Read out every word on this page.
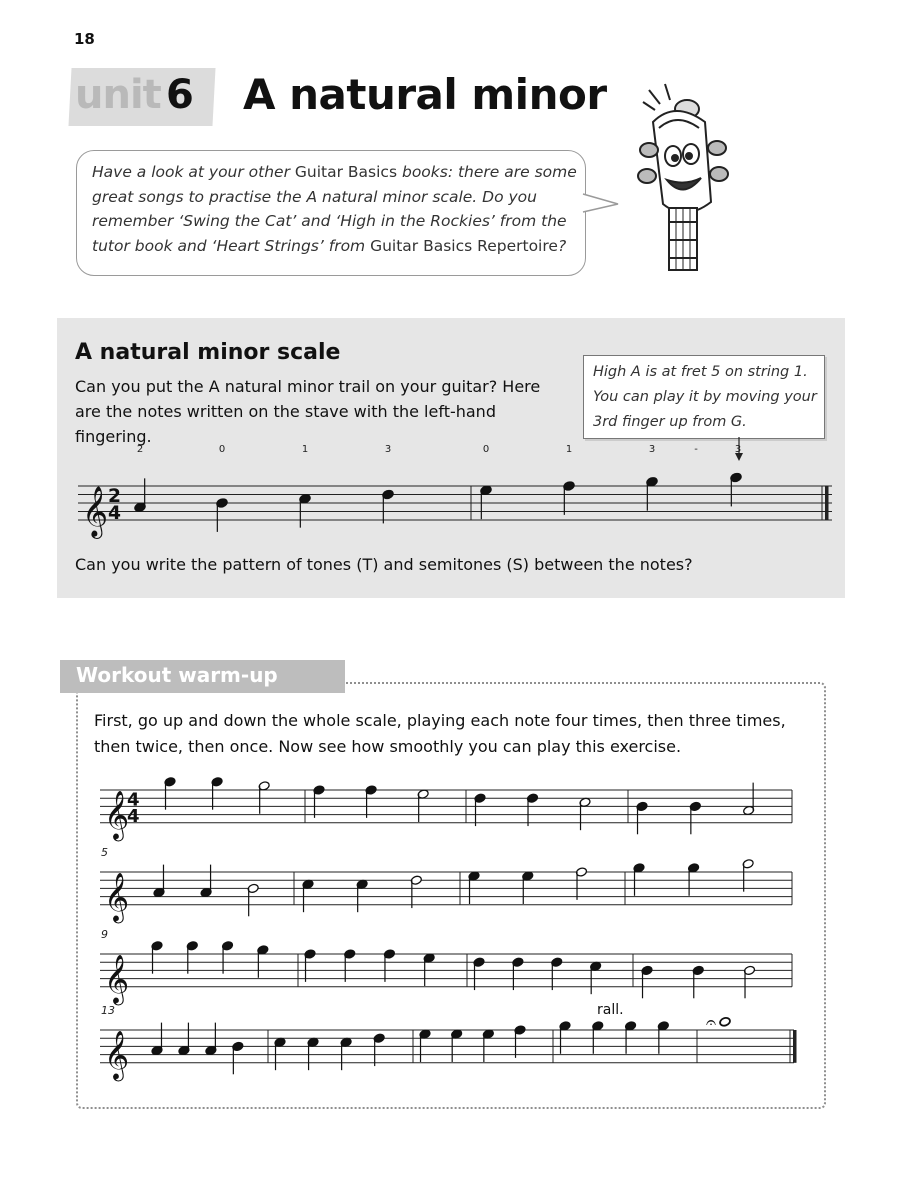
18
unit 6 A natural minor
Have a look at your other Guitar Basics books: there are some great songs to practise the A natural minor scale. Do you remember ‘Swing the Cat’ and ‘High in the Rockies’ from the tutor book and ‘Heart Strings’ from Guitar Basics Repertoire?
A natural minor scale
Can you put the A natural minor trail on your guitar? Here are the notes written on the stave with the left-hand fingering.
High A is at fret 5 on string 1. You can play it by moving your 3rd finger up from G.
𝄞 2
4
2	0	1	3	0	1	3	-	3
Can you write the pattern of tones (T) and semitones (S) between the notes?
Workout warm-up
First, go up and down the whole scale, playing each note four times, then three times, then twice, then once. Now see how smoothly you can play this exercise.
𝄞
4
4
𝄞
5
𝄞
9
𝄞
13	rall.
𝄐
